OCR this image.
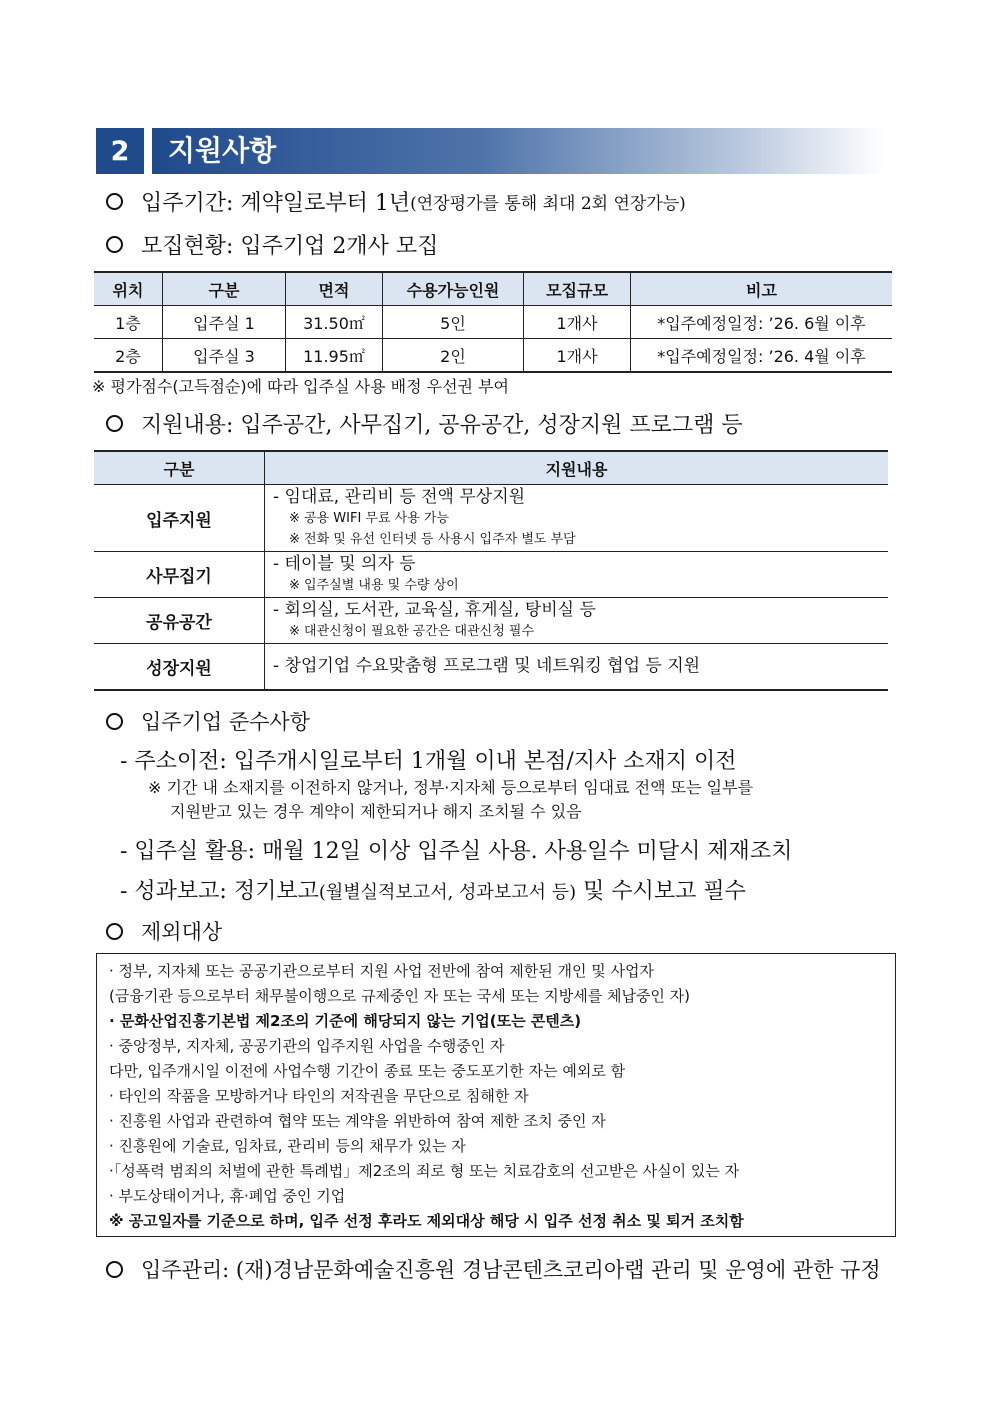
2	지원사항
입주기간: 계약일로부터 1년 (연장평가를 통해 최대 2회 연장가능)
모집현황: 입주기업 2개사 모집
위치	구분	면적	수용가능인원	모집규모	비고
1층	입주실 1	31.50㎡	5인	1개사	*입주예정일정: ’26. 6월 이후
2층	입주실 3	11.95㎡	2인	1개사	*입주예정일정: ’26. 4월 이후
※ 평가점수(고득점순)에 따라 입주실 사용 배정 우선권 부여
지원내용: 입주공간, 사무집기, 공유공간, 성장지원 프로그램 등
구분	지원내용
입주지원	- 임대료, 관리비 등 전액 무상지원
※ 공용 WIFI 무료 사용 가능
※ 전화 및 유선 인터넷 등 사용시 입주자 별도 부담

사무집기	- 테이블 및 의자 등
※ 입주실별 내용 및 수량 상이

공유공간	- 회의실, 도서관, 교육실, 휴게실, 탕비실 등
※ 대관신청이 필요한 공간은 대관신청 필수

성장지원	- 창업기업 수요맞춤형 프로그램 및 네트워킹 협업 등 지원
입주기업 준수사항
- 주소이전: 입주개시일로부터 1개월 이내 본점/지사 소재지 이전
※ 기간 내 소재지를 이전하지 않거나, 정부·지자체 등으로부터 임대료 전액 또는 일부를
지원받고 있는 경우 계약이 제한되거나 해지 조치될 수 있음
- 입주실 활용: 매월 12일 이상 입주실 사용. 사용일수 미달시 제재조치
- 성과보고: 정기보고(월별실적보고서, 성과보고서 등) 및 수시보고 필수
제외대상
· 정부, 지자체 또는 공공기관으로부터 지원 사업 전반에 참여 제한된 개인 및 사업자
(금융기관 등으로부터 채무불이행으로 규제중인 자 또는 국세 또는 지방세를 체납중인 자)
· 문화산업진흥기본법 제2조의 기준에 해당되지 않는 기업(또는 콘텐츠)
· 중앙정부, 지자체, 공공기관의 입주지원 사업을 수행중인 자
다만, 입주개시일 이전에 사업수행 기간이 종료 또는 중도포기한 자는 예외로 함
· 타인의 작품을 모방하거나 타인의 저작권을 무단으로 침해한 자
· 진흥원 사업과 관련하여 협약 또는 계약을 위반하여 참여 제한 조치 중인 자
· 진흥원에 기술료, 임차료, 관리비 등의 채무가 있는 자
·「성폭력 범죄의 처벌에 관한 특례법」제2조의 죄로 형 또는 치료감호의 선고받은 사실이 있는 자
· 부도상태이거나, 휴·폐업 중인 기업
※ 공고일자를 기준으로 하며, 입주 선정 후라도 제외대상 해당 시 입주 선정 취소 및 퇴거 조치함
입주관리: (재)경남문화예술진흥원 경남콘텐츠코리아랩 관리 및 운영에 관한 규정
